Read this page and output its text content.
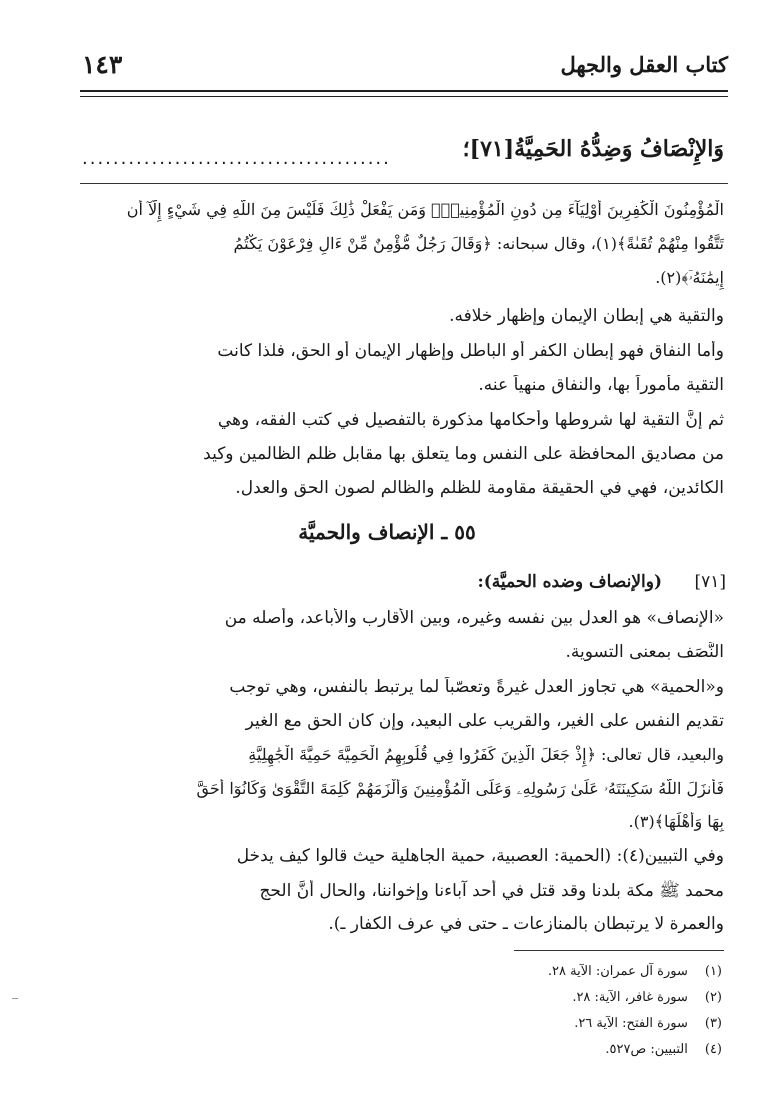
كتاب العقل والجهل
١٤٣
وَالإِنْصَافُ وَضِدُّهُ الحَمِيَّةُ[٧١]؛
........................................
الْمُؤْمِنُونَ الْكَٰفِرِينَ أَوْلِيَآءَ مِن دُونِ الْمُؤْمِنِينَۖ وَمَن يَفْعَلْ ذَٰلِكَ فَلَيْسَ مِنَ اللَّهِ فِي شَيْءٍ إِلَّآ أَن
تَتَّقُوا مِنْهُمْ تُقَىٰةً﴾(١)، وقال سبحانه: ﴿وَقَالَ رَجُلٌ مُّؤْمِنٌ مِّنْ ءَالِ فِرْعَوْنَ يَكْتُمُ
إِيمَٰنَهُۥٓ﴾(٢).
والتقية هي إبطان الإيمان وإظهار خلافه.
وأما النفاق فهو إبطان الكفر أو الباطل وإظهار الإيمان أو الحق، فلذا كانت
التقية مأموراً بها، والنفاق منهياً عنه.
ثم إنَّ التقية لها شروطها وأحكامها مذكورة بالتفصيل في كتب الفقه، وهي
من مصاديق المحافظة على النفس وما يتعلق بها مقابل ظلم الظالمين وكيد
الكائدين، فهي في الحقيقة مقاومة للظلم والظالم لصون الحق والعدل.
٥٥ ـ الإنصاف والحميَّة
[٧١]
(والإنصاف وضده الحميَّة):
«الإنصاف» هو العدل بين نفسه وغيره، وبين الأقارب والأباعد، وأصله من
النَّصَف بمعنى التسوية.
و«الحمية» هي تجاوز العدل غيرةً وتعصّباً لما يرتبط بالنفس، وهي توجب
تقديم النفس على الغير، والقريب على البعيد، وإن كان الحق مع الغير
والبعيد، قال تعالى: ﴿إِذْ جَعَلَ الَّذِينَ كَفَرُوا فِي قُلُوبِهِمُ الْحَمِيَّةَ حَمِيَّةَ الْجَٰهِلِيَّةِ
فَأَنزَلَ اللَّهُ سَكِينَتَهُۥ عَلَىٰ رَسُولِهِۦ وَعَلَى الْمُؤْمِنِينَ وَأَلْزَمَهُمْ كَلِمَةَ التَّقْوَىٰ وَكَانُوٓا أَحَقَّ
بِهَا وَأَهْلَهَا﴾(٣).
وفي التبيين(٤): (الحمية: العصبية، حمية الجاهلية حيث قالوا كيف يدخل
محمد ﷺ مكة بلدنا وقد قتل في أحد آباءنا وإخواننا، والحال أنَّ الحج
والعمرة لا يرتبطان بالمنازعات ـ حتى في عرف الكفار ـ).
(١) سورة آل عمران: الآية ٢٨.
(٢) سورة غافر، الآية: ٢٨.
(٣) سورة الفتح: الآية ٢٦.
(٤) التبيين: ص٥٢٧.
